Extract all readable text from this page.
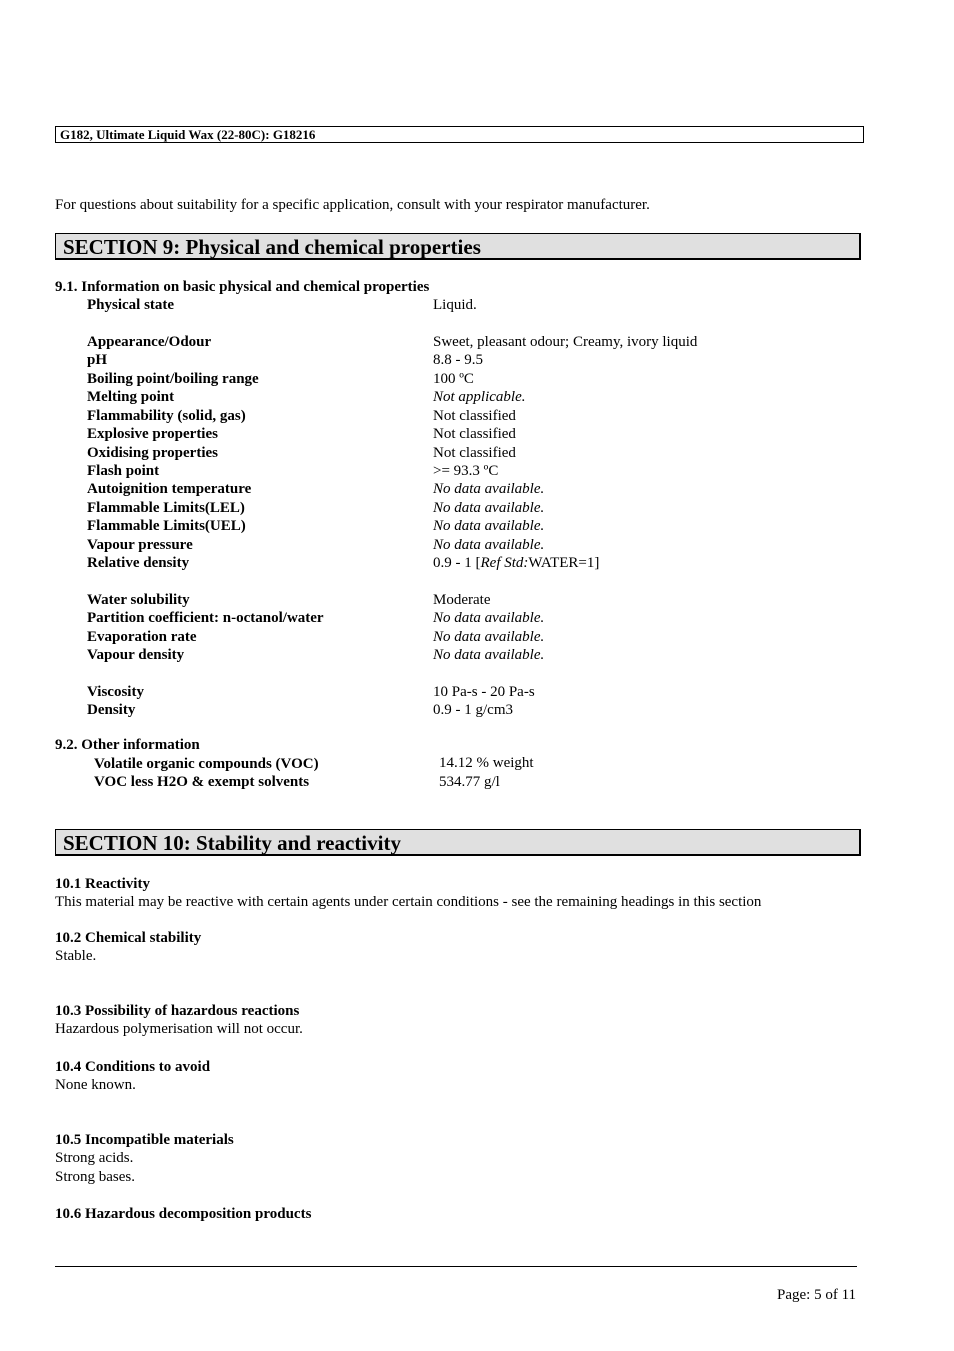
G182, Ultimate Liquid Wax (22-80C): G18216
For questions about suitability for a specific application, consult with your respirator manufacturer.
SECTION 9: Physical and chemical properties
9.1. Information on basic physical and chemical properties
Physical state	Liquid.
Appearance/Odour	Sweet, pleasant odour; Creamy, ivory liquid
pH	8.8 - 9.5
Boiling point/boiling range	100 ºC
Melting point	Not applicable.
Flammability (solid, gas)	Not classified
Explosive properties	Not classified
Oxidising properties	Not classified
Flash point	>= 93.3 ºC
Autoignition temperature	No data available.
Flammable Limits(LEL)	No data available.
Flammable Limits(UEL)	No data available.
Vapour pressure	No data available.
Relative density	0.9 - 1 [Ref Std:WATER=1]
Water solubility	Moderate
Partition coefficient: n-octanol/water	No data available.
Evaporation rate	No data available.
Vapour density	No data available.
Viscosity	10 Pa-s - 20 Pa-s
Density	0.9 - 1 g/cm3
9.2. Other information
Volatile organic compounds (VOC)	14.12 % weight
VOC less H2O & exempt solvents	534.77 g/l
SECTION 10: Stability and reactivity
10.1 Reactivity
This material may be reactive with certain agents under certain conditions - see the remaining headings in this section
10.2 Chemical stability
Stable.
10.3 Possibility of hazardous reactions
Hazardous polymerisation will not occur.
10.4 Conditions to avoid
None known.
10.5 Incompatible materials
Strong acids.
Strong bases.
10.6 Hazardous decomposition products
Page: 5 of 11
